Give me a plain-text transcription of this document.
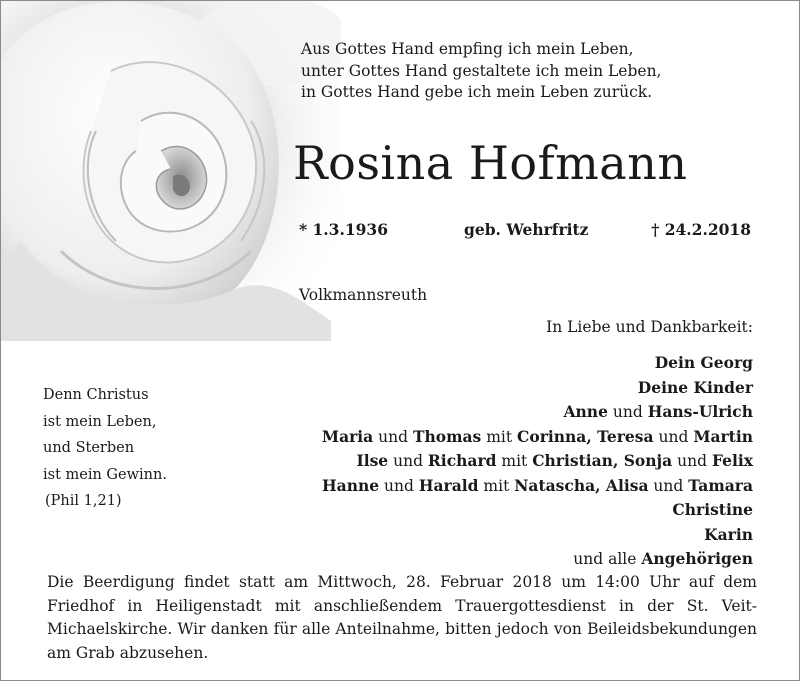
Aus Gottes Hand empfing ich mein Leben,
unter Gottes Hand gestaltete ich mein Leben,
in Gottes Hand gebe ich mein Leben zurück.
Rosina Hofmann
* 1.3.1936	geb. Wehrfritz	† 24.2.2018
Volkmannsreuth
In Liebe und Dankbarkeit:
Dein Georg
Deine Kinder
Anne und Hans-Ulrich
Maria und Thomas mit Corinna, Teresa und Martin
Ilse und Richard mit Christian, Sonja und Felix
Hanne und Harald mit Natascha, Alisa und Tamara
Christine
Karin
und alle Angehörigen
Denn Christus
ist mein Leben,
und Sterben
ist mein Gewinn.
(Phil 1,21)
Die Beerdigung findet statt am Mittwoch, 28. Februar 2018 um 14:00 Uhr auf dem Friedhof in Heiligenstadt mit anschließendem Trauergottesdienst in der St. Veit-Michaelskirche. Wir danken für alle Anteilnahme, bitten jedoch von Beileidsbekundungen am Grab abzusehen.
